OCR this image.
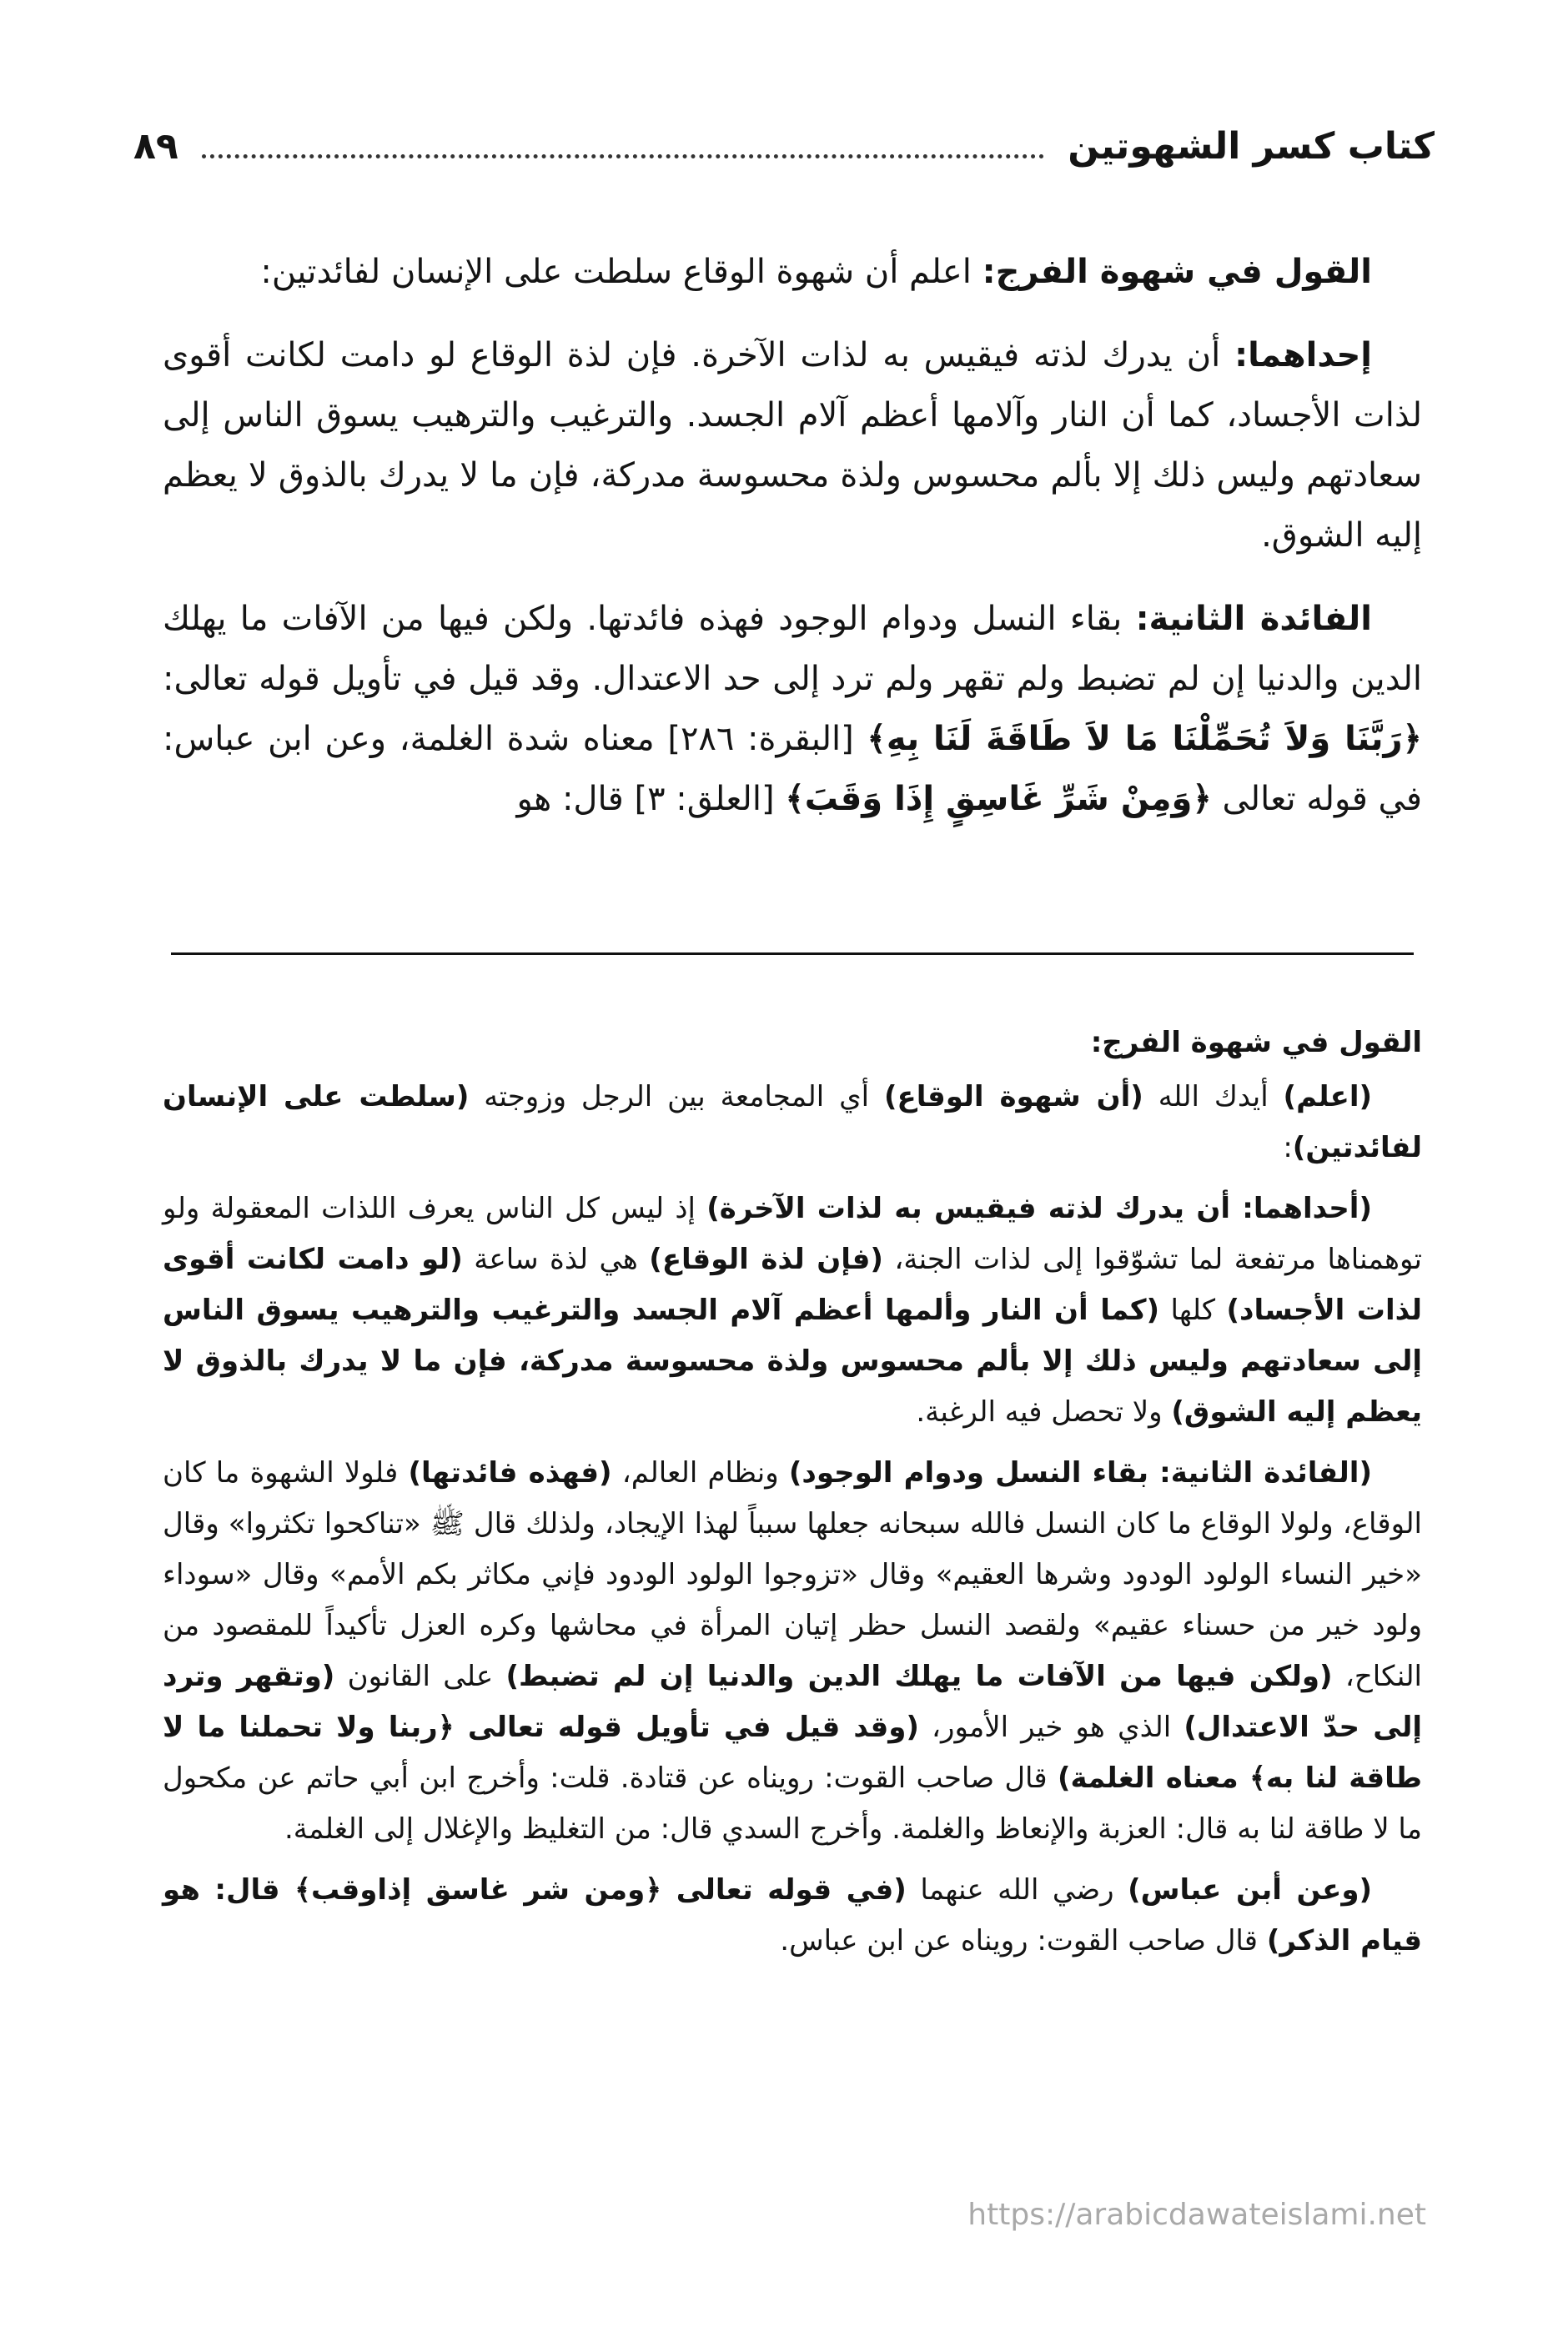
كتاب كسر الشهوتين
٨٩

القول في شهوة الفرج: اعلم أن شهوة الوقاع سلطت على الإنسان لفائدتين:

إحداهما: أن يدرك لذته فيقيس به لذات الآخرة. فإن لذة الوقاع لو دامت لكانت أقوى لذات الأجساد، كما أن النار وآلامها أعظم آلام الجسد. والترغيب والترهيب يسوق الناس إلى سعادتهم وليس ذلك إلا بألم محسوس ولذة محسوسة مدركة، فإن ما لا يدرك بالذوق لا يعظم إليه الشوق.

الفائدة الثانية: بقاء النسل ودوام الوجود فهذه فائدتها. ولكن فيها من الآفات ما يهلك الدين والدنيا إن لم تضبط ولم تقهر ولم ترد إلى حد الاعتدال. وقد قيل في تأويل قوله تعالى: ﴿رَبَّنَا وَلاَ تُحَمِّلْنَا مَا لاَ طَاقَةَ لَنَا بِهِ﴾ [البقرة: ٢٨٦] معناه شدة الغلمة، وعن ابن عباس: في قوله تعالى ﴿وَمِنْ شَرِّ غَاسِقٍ إِذَا وَقَبَ﴾ [العلق: ٣] قال: هو

القول في شهوة الفرج:

(اعلم) أيدك الله (أن شهوة الوقاع) أي المجامعة بين الرجل وزوجته (سلطت على الإنسان لفائدتين):

(أحداهما: أن يدرك لذته فيقيس به لذات الآخرة) إذ ليس كل الناس يعرف اللذات المعقولة ولو توهمناها مرتفعة لما تشوّقوا إلى لذات الجنة، (فإن لذة الوقاع) هي لذة ساعة (لو دامت لكانت أقوى لذات الأجساد) كلها (كما أن النار وألمها أعظم آلام الجسد والترغيب والترهيب يسوق الناس إلى سعادتهم وليس ذلك إلا بألم محسوس ولذة محسوسة مدركة، فإن ما لا يدرك بالذوق لا يعظم إليه الشوق) ولا تحصل فيه الرغبة.

(الفائدة الثانية: بقاء النسل ودوام الوجود) ونظام العالم، (فهذه فائدتها) فلولا الشهوة ما كان الوقاع، ولولا الوقاع ما كان النسل فالله سبحانه جعلها سبباً لهذا الإيجاد، ولذلك قال ﷺ «تناكحوا تكثروا» وقال «خير النساء الولود الودود وشرها العقيم» وقال «تزوجوا الولود الودود فإني مكاثر بكم الأمم» وقال «سوداء ولود خير من حسناء عقيم» ولقصد النسل حظر إتيان المرأة في محاشها وكره العزل تأكيداً للمقصود من النكاح، (ولكن فيها من الآفات ما يهلك الدين والدنيا إن لم تضبط) على القانون (وتقهر وترد إلى حدّ الاعتدال) الذي هو خير الأمور، (وقد قيل في تأويل قوله تعالى ﴿ربنا ولا تحملنا ما لا طاقة لنا به﴾ معناه الغلمة) قال صاحب القوت: رويناه عن قتادة. قلت: وأخرج ابن أبي حاتم عن مكحول ما لا طاقة لنا به قال: العزبة والإنعاظ والغلمة. وأخرج السدي قال: من التغليظ والإغلال إلى الغلمة.

(وعن أبن عباس) رضي الله عنهما (في قوله تعالى ﴿ومن شر غاسق إذاوقب﴾ قال: هو قيام الذكر) قال صاحب القوت: رويناه عن ابن عباس.

https://arabicdawateislami.net
